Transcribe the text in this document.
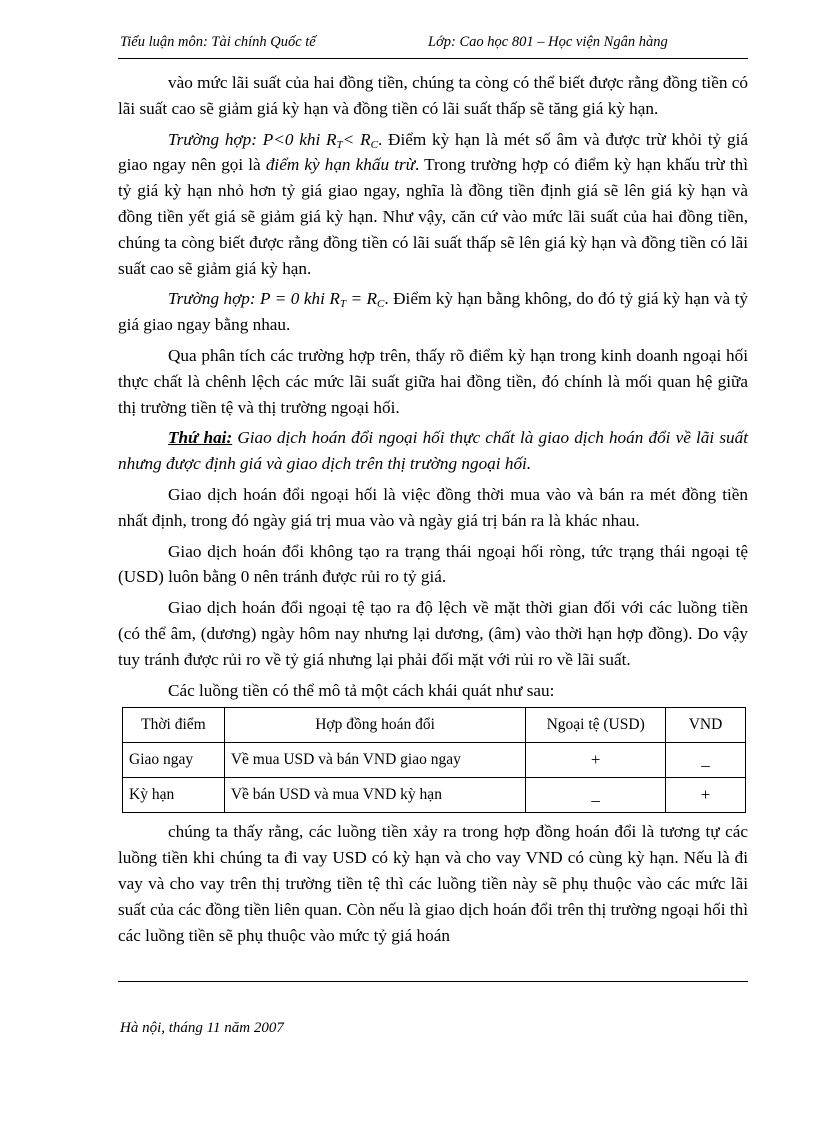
Tiểu luận môn: Tài chính Quốc tế	Lớp: Cao học 801 – Học viện Ngân hàng

vào mức lãi suất của hai đồng tiền, chúng ta còng có thể biết được rằng đồng tiền có lãi suất cao sẽ giảm giá kỳ hạn và đồng tiền có lãi suất thấp sẽ tăng giá kỳ hạn.

Trường hợp: P<0 khi $R_T< R_C$. Điểm kỳ hạn là mét số âm và được trừ khỏi tỷ giá giao ngay nên gọi là điểm kỳ hạn khấu trừ. Trong trường hợp có điểm kỳ hạn khấu trừ thì tỷ giá kỳ hạn nhỏ hơn tỷ giá giao ngay, nghĩa là đồng tiền định giá sẽ lên giá kỳ hạn và đồng tiền yết giá sẽ giảm giá kỳ hạn. Như vậy, căn cứ vào mức lãi suất của hai đồng tiền, chúng ta còng biết được rằng đồng tiền có lãi suất thấp sẽ lên giá kỳ hạn và đồng tiền có lãi suất cao sẽ giảm giá kỳ hạn.

Trường hợp: P = 0 khi $R_T = R_C$. Điểm kỳ hạn bằng không, do đó tỷ giá kỳ hạn và tỷ giá giao ngay bằng nhau.

Qua phân tích các trường hợp trên, thấy rõ điểm kỳ hạn trong kinh doanh ngoại hối thực chất là chênh lệch các mức lãi suất giữa hai đồng tiền, đó chính là mối quan hệ giữa thị trường tiền tệ và thị trường ngoại hối.

Thứ hai: Giao dịch hoán đổi ngoại hối thực chất là giao dịch hoán đổi về lãi suất nhưng được định giá và giao dịch trên thị trường ngoại hối.

Giao dịch hoán đổi ngoại hối là việc đồng thời mua vào và bán ra mét đồng tiền nhất định, trong đó ngày giá trị mua vào và ngày giá trị bán ra là khác nhau.

Giao dịch hoán đổi không tạo ra trạng thái ngoại hối ròng, tức trạng thái ngoại tệ (USD) luôn bằng 0 nên tránh được rủi ro tỷ giá.

Giao dịch hoán đổi ngoại tệ tạo ra độ lệch về mặt thời gian đối với các luồng tiền (có thể âm, (dương) ngày hôm nay nhưng lại dương, (âm) vào thời hạn hợp đồng). Do vậy tuy tránh được rủi ro về tỷ giá nhưng lại phải đối mặt với rủi ro về lãi suất.

Các luồng tiền có thể mô tả một cách khái quát như sau:

Thời điểm	Hợp đồng hoán đổi	Ngoại tệ (USD)	VND
Giao ngay	Về mua USD và bán VND giao ngay	+	_
Kỳ hạn	Về bán USD và mua VND kỳ hạn	_	+

chúng ta thấy rằng, các luồng tiền xảy ra trong hợp đồng hoán đổi là tương tự các luồng tiền khi chúng ta đi vay USD có kỳ hạn và cho vay VND có cùng kỳ hạn. Nếu là đi vay và cho vay trên thị trường tiền tệ thì các luồng tiền này sẽ phụ thuộc vào các mức lãi suất của các đồng tiền liên quan. Còn nếu là giao dịch hoán đổi trên thị trường ngoại hối thì các luồng tiền sẽ phụ thuộc vào mức tỷ giá hoán

Hà nội, tháng 11 năm 2007
